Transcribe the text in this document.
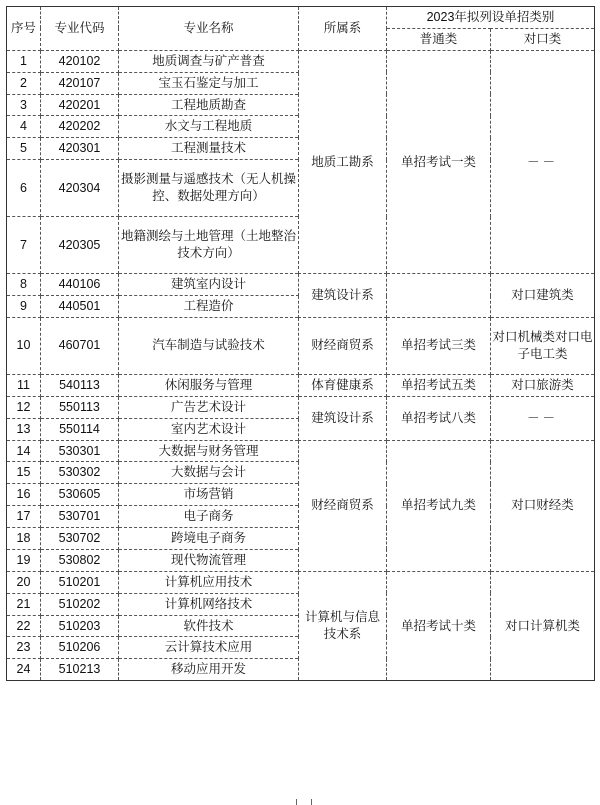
序号	专业代码	专业名称	所属系	2023年拟列设单招类别	
				普通类	对口类
1	420102	地质调查与矿产普查	地质工勘系	单招考试一类	－－
2	420107	宝玉石鉴定与加工			
3	420201	工程地质勘查			
4	420202	水文与工程地质			
5	420301	工程测量技术			
6	420304	摄影测量与遥感技术（无人机操控、数据处理方向）			
7	420305	地籍测绘与土地管理（土地整治技术方向）			
8	440106	建筑室内设计	建筑设计系		对口建筑类
9	440501	工程造价			
10	460701	汽车制造与试验技术	财经商贸系	单招考试三类	对口机械类对口电子电工类
11	540113	休闲服务与管理	体育健康系	单招考试五类	对口旅游类
12	550113	广告艺术设计	建筑设计系	单招考试八类	－－
13	550114	室内艺术设计			
14	530301	大数据与财务管理	财经商贸系	单招考试九类	对口财经类
15	530302	大数据与会计			
16	530605	市场营销			
17	530701	电子商务			
18	530702	跨境电子商务			
19	530802	现代物流管理			
20	510201	计算机应用技术	计算机与信息技术系	单招考试十类	对口计算机类
21	510202	计算机网络技术			
22	510203	软件技术			
23	510206	云计算技术应用			
24	510213	移动应用开发			
